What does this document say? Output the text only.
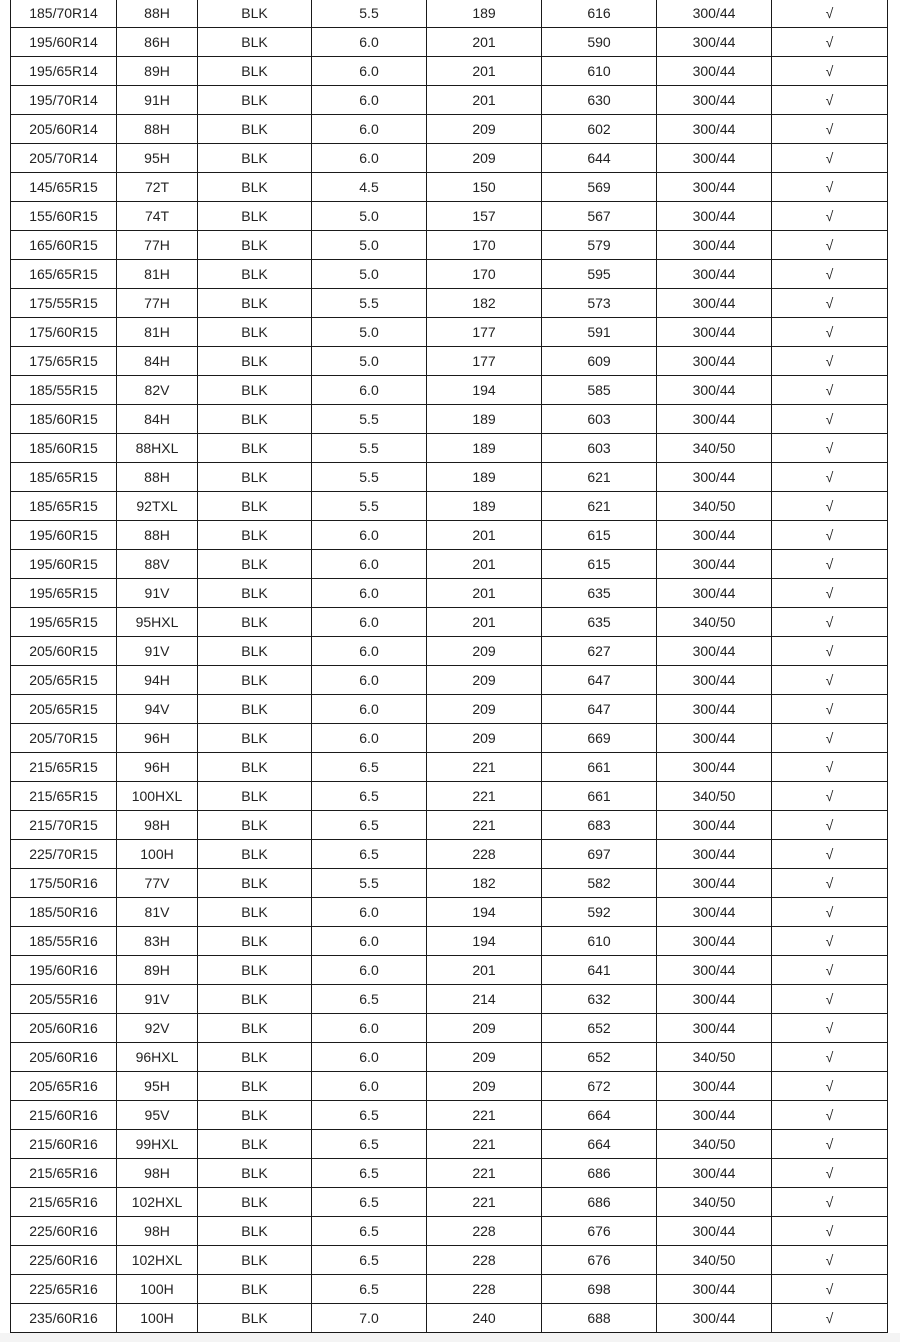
185/70R14	88H	BLK	5.5	189	616	300/44	√
195/60R14	86H	BLK	6.0	201	590	300/44	√
195/65R14	89H	BLK	6.0	201	610	300/44	√
195/70R14	91H	BLK	6.0	201	630	300/44	√
205/60R14	88H	BLK	6.0	209	602	300/44	√
205/70R14	95H	BLK	6.0	209	644	300/44	√
145/65R15	72T	BLK	4.5	150	569	300/44	√
155/60R15	74T	BLK	5.0	157	567	300/44	√
165/60R15	77H	BLK	5.0	170	579	300/44	√
165/65R15	81H	BLK	5.0	170	595	300/44	√
175/55R15	77H	BLK	5.5	182	573	300/44	√
175/60R15	81H	BLK	5.0	177	591	300/44	√
175/65R15	84H	BLK	5.0	177	609	300/44	√
185/55R15	82V	BLK	6.0	194	585	300/44	√
185/60R15	84H	BLK	5.5	189	603	300/44	√
185/60R15	88HXL	BLK	5.5	189	603	340/50	√
185/65R15	88H	BLK	5.5	189	621	300/44	√
185/65R15	92TXL	BLK	5.5	189	621	340/50	√
195/60R15	88H	BLK	6.0	201	615	300/44	√
195/60R15	88V	BLK	6.0	201	615	300/44	√
195/65R15	91V	BLK	6.0	201	635	300/44	√
195/65R15	95HXL	BLK	6.0	201	635	340/50	√
205/60R15	91V	BLK	6.0	209	627	300/44	√
205/65R15	94H	BLK	6.0	209	647	300/44	√
205/65R15	94V	BLK	6.0	209	647	300/44	√
205/70R15	96H	BLK	6.0	209	669	300/44	√
215/65R15	96H	BLK	6.5	221	661	300/44	√
215/65R15	100HXL	BLK	6.5	221	661	340/50	√
215/70R15	98H	BLK	6.5	221	683	300/44	√
225/70R15	100H	BLK	6.5	228	697	300/44	√
175/50R16	77V	BLK	5.5	182	582	300/44	√
185/50R16	81V	BLK	6.0	194	592	300/44	√
185/55R16	83H	BLK	6.0	194	610	300/44	√
195/60R16	89H	BLK	6.0	201	641	300/44	√
205/55R16	91V	BLK	6.5	214	632	300/44	√
205/60R16	92V	BLK	6.0	209	652	300/44	√
205/60R16	96HXL	BLK	6.0	209	652	340/50	√
205/65R16	95H	BLK	6.0	209	672	300/44	√
215/60R16	95V	BLK	6.5	221	664	300/44	√
215/60R16	99HXL	BLK	6.5	221	664	340/50	√
215/65R16	98H	BLK	6.5	221	686	300/44	√
215/65R16	102HXL	BLK	6.5	221	686	340/50	√
225/60R16	98H	BLK	6.5	228	676	300/44	√
225/60R16	102HXL	BLK	6.5	228	676	340/50	√
225/65R16	100H	BLK	6.5	228	698	300/44	√
235/60R16	100H	BLK	7.0	240	688	300/44	√
